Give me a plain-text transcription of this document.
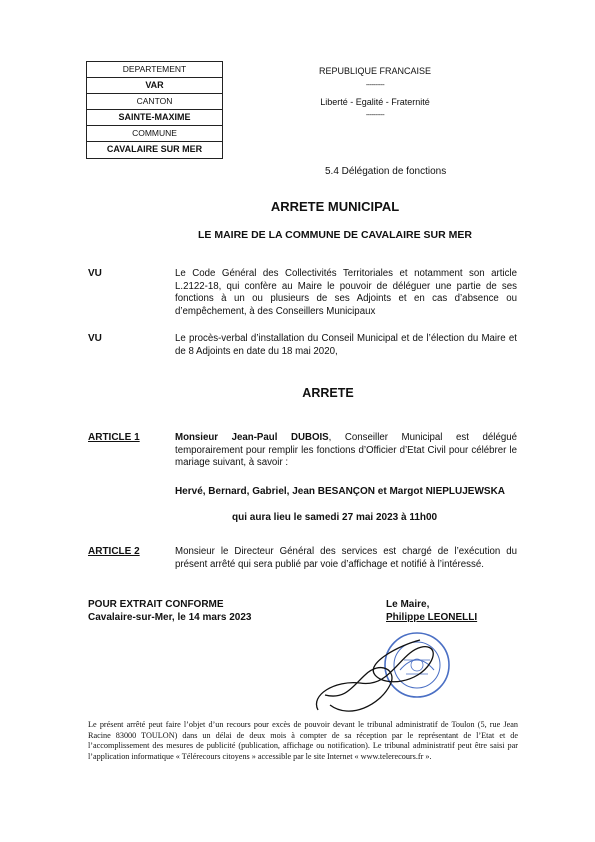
DEPARTEMENT
VAR
CANTON
SAINTE-MAXIME
COMMUNE
CAVALAIRE SUR MER
REPUBLIQUE FRANCAISE
----------
Liberté - Egalité - Fraternité
----------
5.4 Délégation de fonctions
ARRETE MUNICIPAL
LE MAIRE DE LA COMMUNE DE CAVALAIRE SUR MER
VU	Le Code Général des Collectivités Territoriales et notamment son article L.2122-18, qui confère au Maire le pouvoir de déléguer une partie de ses fonctions à un ou plusieurs de ses Adjoints et en cas d’absence ou d’empêchement, à des Conseillers Municipaux
VU	Le procès-verbal d’installation du Conseil Municipal et de l’élection du Maire et de 8 Adjoints en date du 18 mai 2020,
ARRETE
ARTICLE 1	Monsieur Jean-Paul DUBOIS, Conseiller Municipal est délégué temporairement pour remplir les fonctions d’Officier d’Etat Civil pour célébrer le mariage suivant, à savoir :
Hervé, Bernard, Gabriel, Jean BESANÇON et Margot NIEPLUJEWSKA
qui aura lieu le samedi 27 mai 2023 à 11h00
ARTICLE 2	Monsieur le Directeur Général des services est chargé de l’exécution du présent arrêté qui sera publié par voie d’affichage et notifié à l’intéressé.
POUR EXTRAIT CONFORME
Cavalaire-sur-Mer, le 14 mars 2023
Le Maire,
Philippe LEONELLI
Le présent arrêté peut faire l’objet d’un recours pour excès de pouvoir devant le tribunal administratif de Toulon (5, rue Jean Racine 83000 TOULON) dans un délai de deux mois à compter de sa réception par le représentant de l’Etat et de l’accomplissement des mesures de publicité (publication, affichage ou notification). Le tribunal administratif peut être saisi par l’application informatique « Télérecours citoyens » accessible par le site Internet « www.telerecours.fr ».
